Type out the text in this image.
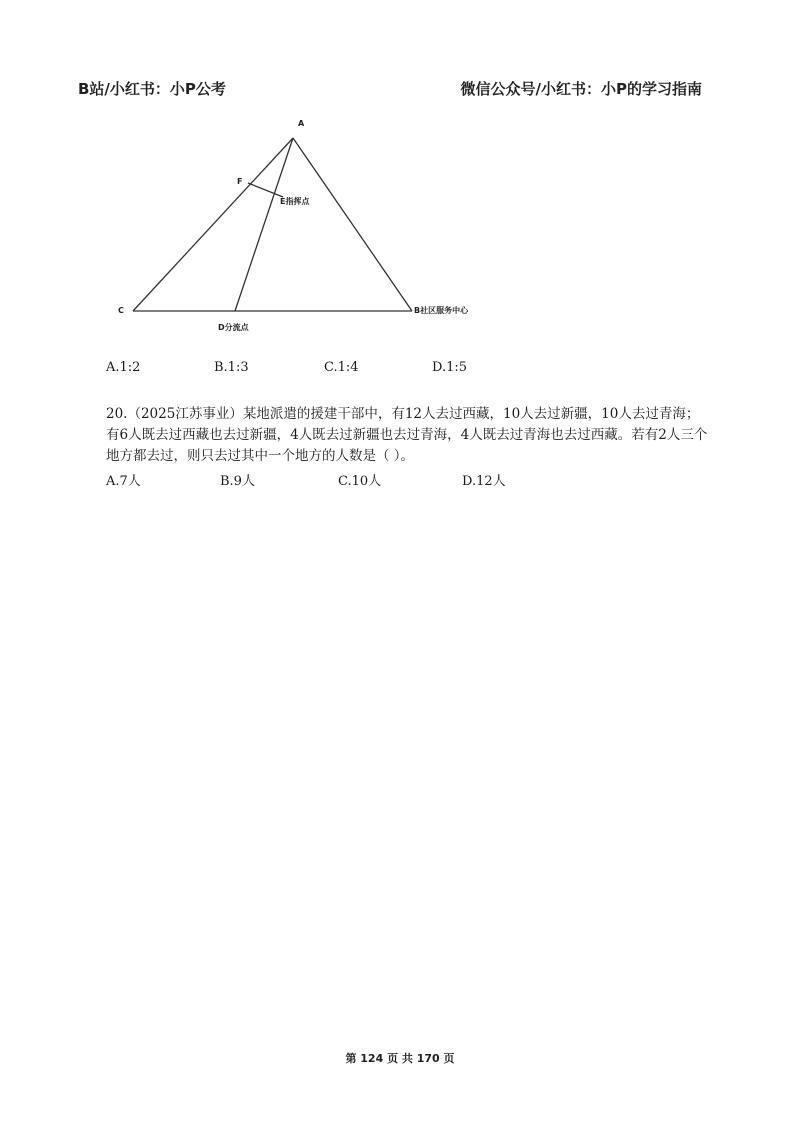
B站/小红书：小P公考	微信公众号/小红书：小P的学习指南
A
F
E指挥点
C
D分流点
B社区服务中心
A.1:2	B.1:3	C.1:4	D.1:5
20.（2025江苏事业）某地派遣的援建干部中，有12人去过西藏，10人去过新疆，10人去过青海；有6人既去过西藏也去过新疆，4人既去过新疆也去过青海，4人既去过青海也去过西藏。若有2人三个地方都去过，则只去过其中一个地方的人数是（ ）。
A.7人	B.9人	C.10人	D.12人
第 124 页 共 170 页
